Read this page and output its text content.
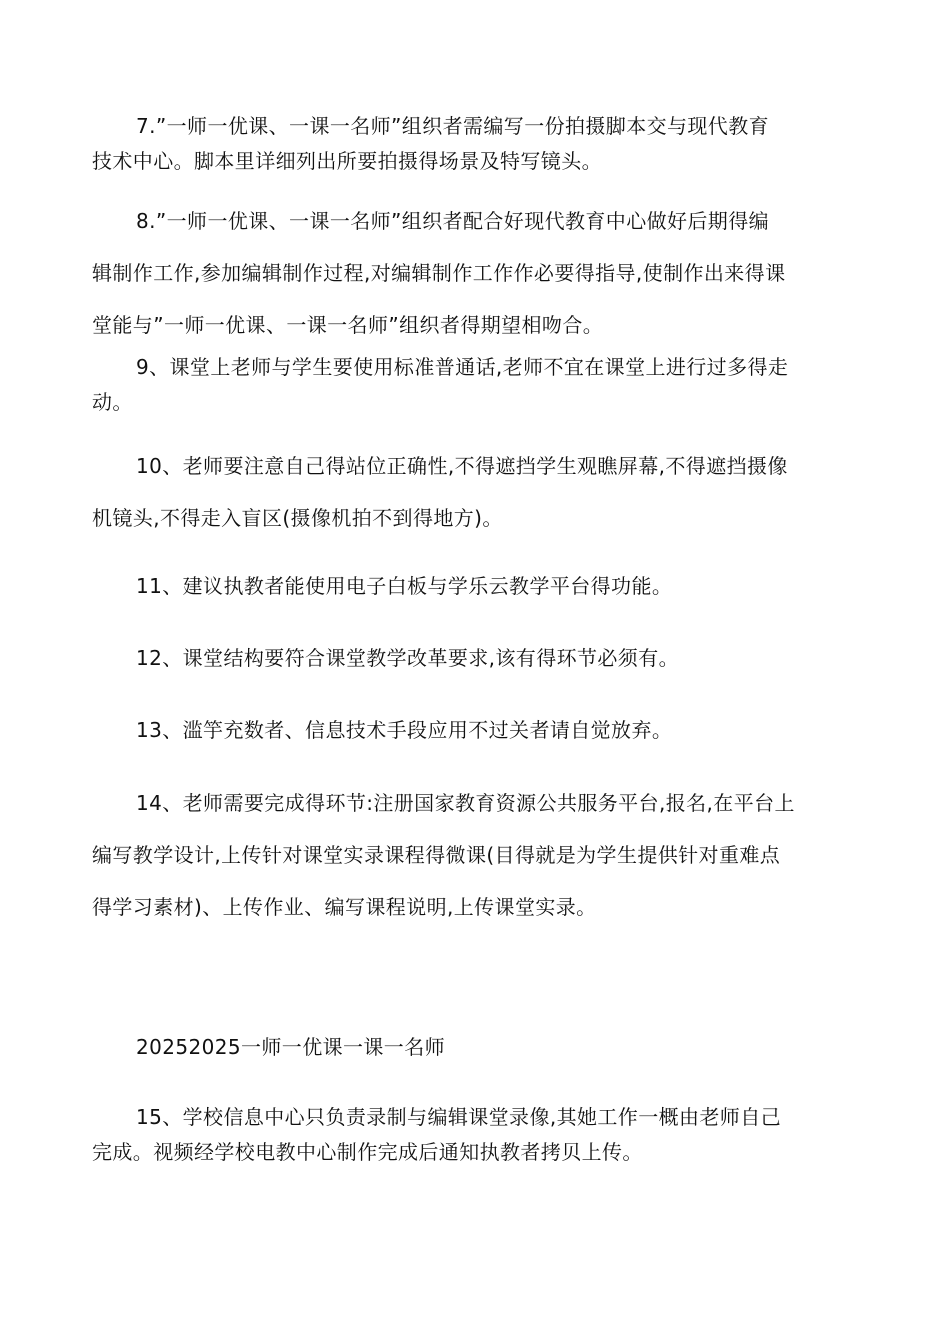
7.”一师一优课、一课一名师”组织者需编写一份拍摄脚本交与现代教育
技术中心。脚本里详细列出所要拍摄得场景及特写镜头。
8.”一师一优课、一课一名师”组织者配合好现代教育中心做好后期得编
辑制作工作,参加编辑制作过程,对编辑制作工作作必要得指导,使制作出来得课
堂能与”一师一优课、一课一名师”组织者得期望相吻合。
9、课堂上老师与学生要使用标准普通话,老师不宜在课堂上进行过多得走
动。
10、老师要注意自己得站位正确性,不得遮挡学生观瞧屏幕,不得遮挡摄像
机镜头,不得走入盲区(摄像机拍不到得地方)。
11、建议执教者能使用电子白板与学乐云教学平台得功能。
12、课堂结构要符合课堂教学改革要求,该有得环节必须有。
13、滥竽充数者、信息技术手段应用不过关者请自觉放弃。
14、老师需要完成得环节:注册国家教育资源公共服务平台,报名,在平台上
编写教学设计,上传针对课堂实录课程得微课(目得就是为学生提供针对重难点
得学习素材)、上传作业、编写课程说明,上传课堂实录。
20252025一师一优课一课一名师
15、学校信息中心只负责录制与编辑课堂录像,其她工作一概由老师自己
完成。视频经学校电教中心制作完成后通知执教者拷贝上传。
